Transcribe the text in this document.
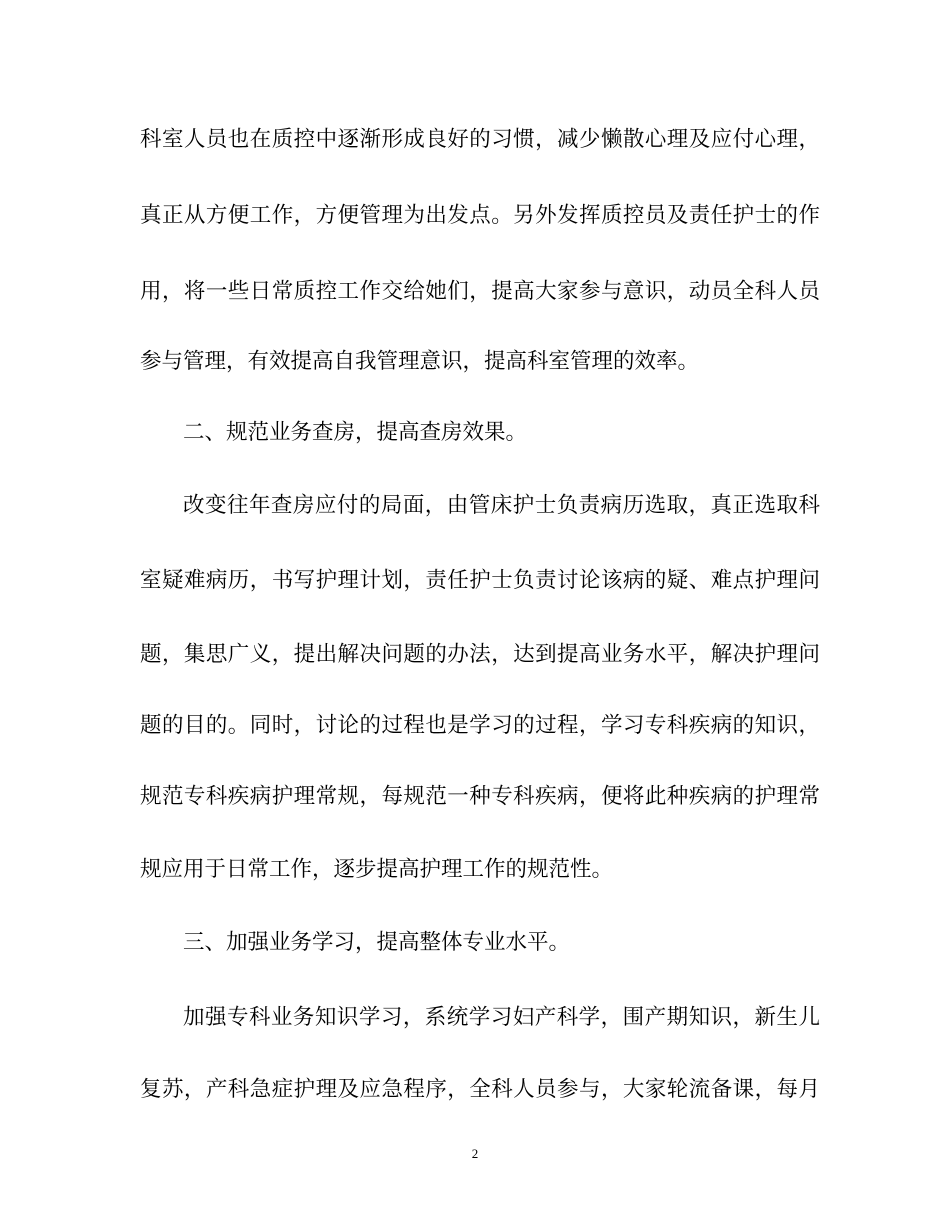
科室人员也在质控中逐渐形成良好的习惯，减少懒散心理及应付心理，
真正从方便工作，方便管理为出发点。另外发挥质控员及责任护士的作
用，将一些日常质控工作交给她们，提高大家参与意识，动员全科人员
参与管理，有效提高自我管理意识，提高科室管理的效率。
二、规范业务查房，提高查房效果。
改变往年查房应付的局面，由管床护士负责病历选取，真正选取科
室疑难病历，书写护理计划，责任护士负责讨论该病的疑、难点护理问
题，集思广义，提出解决问题的办法，达到提高业务水平，解决护理问
题的目的。同时，讨论的过程也是学习的过程，学习专科疾病的知识，
规范专科疾病护理常规，每规范一种专科疾病，便将此种疾病的护理常
规应用于日常工作，逐步提高护理工作的规范性。
三、加强业务学习，提高整体专业水平。
加强专科业务知识学习，系统学习妇产科学，围产期知识，新生儿
复苏，产科急症护理及应急程序，全科人员参与，大家轮流备课，每月
2
